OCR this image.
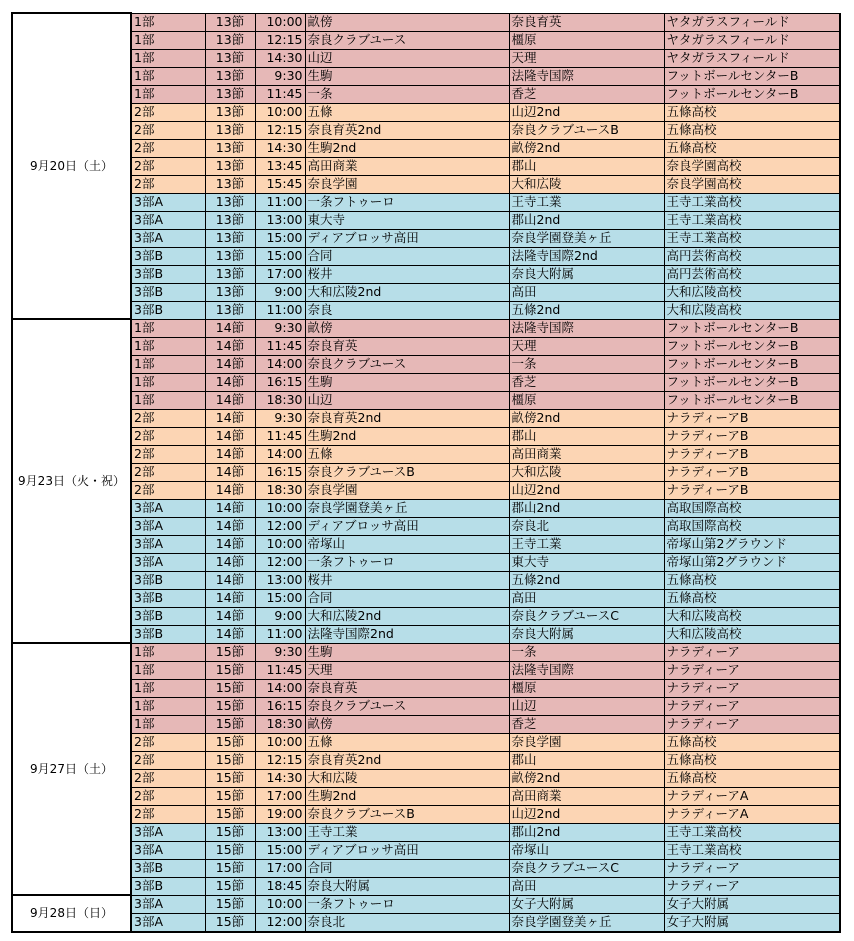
9月20日（土）	1部	13節	10:00	畝傍	奈良育英	ヤタガラスフィールド
	1部	13節	12:15	奈良クラブユース	橿原	ヤタガラスフィールド
	1部	13節	14:30	山辺	天理	ヤタガラスフィールド
	1部	13節	9:30	生駒	法隆寺国際	フットボールセンターB
	1部	13節	11:45	一条	香芝	フットボールセンターB
	2部	13節	10:00	五條	山辺2nd	五條高校
	2部	13節	12:15	奈良育英2nd	奈良クラブユースB	五條高校
	2部	13節	14:30	生駒2nd	畝傍2nd	五條高校
	2部	13節	13:45	高田商業	郡山	奈良学園高校
	2部	13節	15:45	奈良学園	大和広陵	奈良学園高校
	3部A	13節	11:00	一条フトゥーロ	王寺工業	王寺工業高校
	3部A	13節	13:00	東大寺	郡山2nd	王寺工業高校
	3部A	13節	15:00	ディアブロッサ高田	奈良学園登美ヶ丘	王寺工業高校
	3部B	13節	15:00	合同	法隆寺国際2nd	高円芸術高校
	3部B	13節	17:00	桜井	奈良大附属	高円芸術高校
	3部B	13節	9:00	大和広陵2nd	高田	大和広陵高校
	3部B	13節	11:00	奈良	五條2nd	大和広陵高校
9月23日（火・祝）	1部	14節	9:30	畝傍	法隆寺国際	フットボールセンターB
	1部	14節	11:45	奈良育英	天理	フットボールセンターB
	1部	14節	14:00	奈良クラブユース	一条	フットボールセンターB
	1部	14節	16:15	生駒	香芝	フットボールセンターB
	1部	14節	18:30	山辺	橿原	フットボールセンターB
	2部	14節	9:30	奈良育英2nd	畝傍2nd	ナラディーアB
	2部	14節	11:45	生駒2nd	郡山	ナラディーアB
	2部	14節	14:00	五條	高田商業	ナラディーアB
	2部	14節	16:15	奈良クラブユースB	大和広陵	ナラディーアB
	2部	14節	18:30	奈良学園	山辺2nd	ナラディーアB
	3部A	14節	10:00	奈良学園登美ヶ丘	郡山2nd	高取国際高校
	3部A	14節	12:00	ディアブロッサ高田	奈良北	高取国際高校
	3部A	14節	10:00	帝塚山	王寺工業	帝塚山第2グラウンド
	3部A	14節	12:00	一条フトゥーロ	東大寺	帝塚山第2グラウンド
	3部B	14節	13:00	桜井	五條2nd	五條高校
	3部B	14節	15:00	合同	高田	五條高校
	3部B	14節	9:00	大和広陵2nd	奈良クラブユースC	大和広陵高校
	3部B	14節	11:00	法隆寺国際2nd	奈良大附属	大和広陵高校
9月27日（土）	1部	15節	9:30	生駒	一条	ナラディーア
	1部	15節	11:45	天理	法隆寺国際	ナラディーア
	1部	15節	14:00	奈良育英	橿原	ナラディーア
	1部	15節	16:15	奈良クラブユース	山辺	ナラディーア
	1部	15節	18:30	畝傍	香芝	ナラディーア
	2部	15節	10:00	五條	奈良学園	五條高校
	2部	15節	12:15	奈良育英2nd	郡山	五條高校
	2部	15節	14:30	大和広陵	畝傍2nd	五條高校
	2部	15節	17:00	生駒2nd	高田商業	ナラディーアA
	2部	15節	19:00	奈良クラブユースB	山辺2nd	ナラディーアA
	3部A	15節	13:00	王寺工業	郡山2nd	王寺工業高校
	3部A	15節	15:00	ディアブロッサ高田	帝塚山	王寺工業高校
	3部B	15節	17:00	合同	奈良クラブユースC	ナラディーア
	3部B	15節	18:45	奈良大附属	高田	ナラディーア
9月28日（日）	3部A	15節	10:00	一条フトゥーロ	女子大附属	女子大附属
	3部A	15節	12:00	奈良北	奈良学園登美ヶ丘	女子大附属
